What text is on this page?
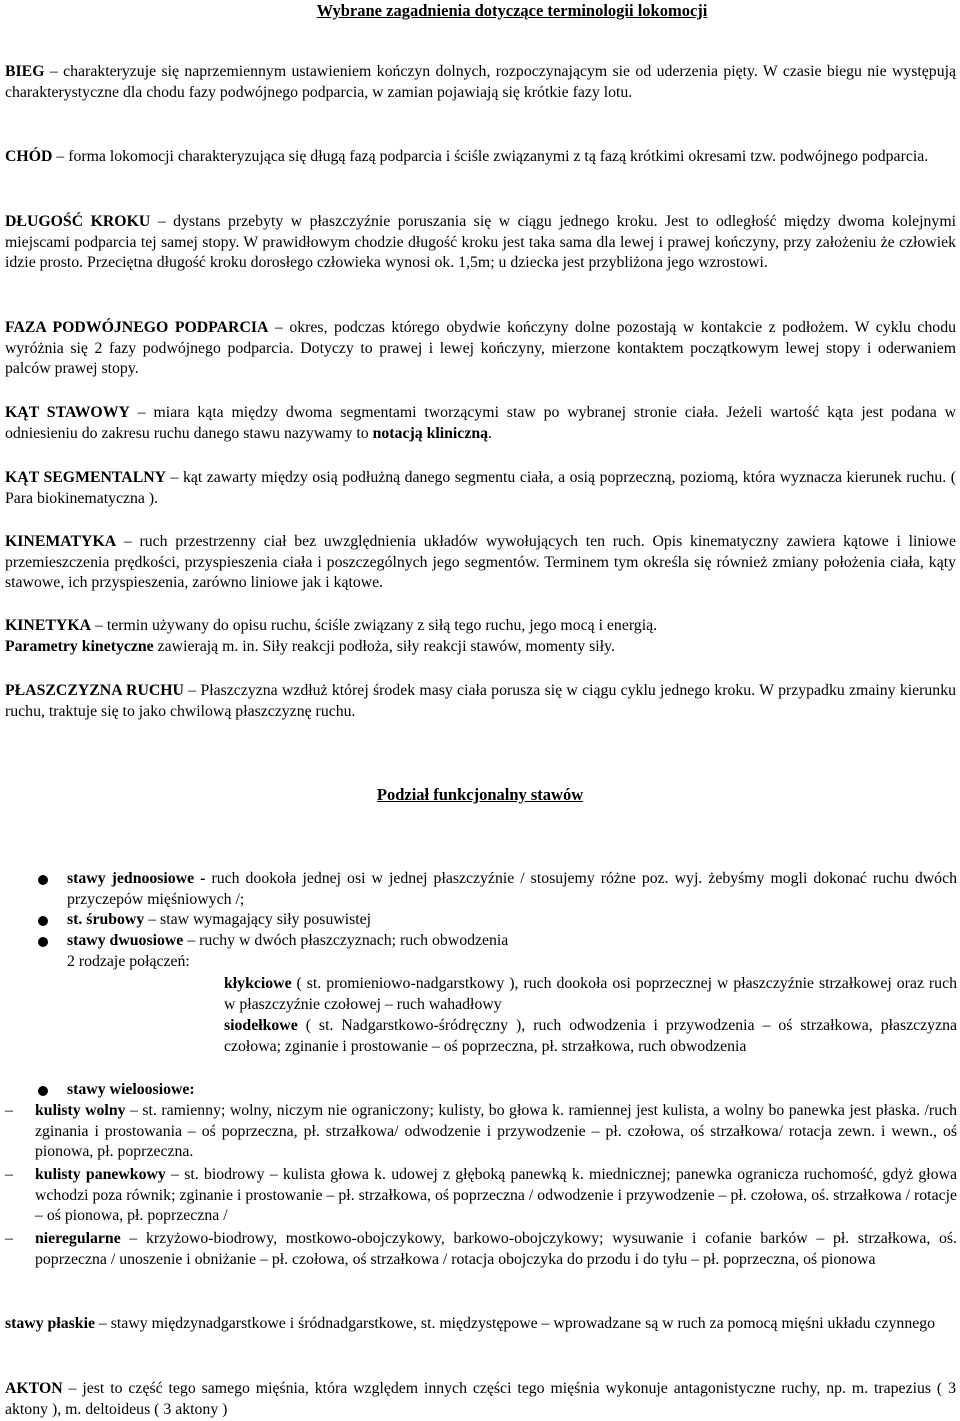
Wybrane zagadnienia dotyczące terminologii lokomocji

BIEG – charakteryzuje się naprzemiennym ustawieniem kończyn dolnych, rozpoczynającym sie od uderzenia pięty. W czasie biegu nie występują charakterystyczne dla chodu fazy podwójnego podparcia, w zamian pojawiają się krótkie fazy lotu.

CHÓD – forma lokomocji charakteryzująca się długą fazą podparcia i ściśle związanymi z tą fazą krótkimi okresami tzw. podwójnego podparcia.

DŁUGOŚĆ KROKU – dystans przebyty w płaszczyźnie poruszania się w ciągu jednego kroku. Jest to odległość między dwoma kolejnymi miejscami podparcia tej samej stopy. W prawidłowym chodzie długość kroku jest taka sama dla lewej i prawej kończyny, przy założeniu że człowiek idzie prosto. Przeciętna długość kroku dorosłego człowieka wynosi ok. 1,5m; u dziecka jest przybliżona jego wzrostowi.

FAZA PODWÓJNEGO PODPARCIA – okres, podczas którego obydwie kończyny dolne pozostają w kontakcie z podłożem. W cyklu chodu wyróżnia się 2 fazy podwójnego podparcia. Dotyczy to prawej i lewej kończyny, mierzone kontaktem początkowym lewej stopy i oderwaniem palców prawej stopy.

KĄT STAWOWY – miara kąta między dwoma segmentami tworzącymi staw po wybranej stronie ciała. Jeżeli wartość kąta jest podana w odniesieniu do zakresu ruchu danego stawu nazywamy to notacją kliniczną.

KĄT SEGMENTALNY – kąt zawarty między osią podłużną danego segmentu ciała, a osią poprzeczną, poziomą, która wyznacza kierunek ruchu. ( Para biokinematyczna ).

KINEMATYKA – ruch przestrzenny ciał bez uwzględnienia układów wywołujących ten ruch. Opis kinematyczny zawiera kątowe i liniowe przemieszczenia prędkości, przyspieszenia ciała i poszczególnych jego segmentów. Terminem tym określa się również zmiany położenia ciała, kąty stawowe, ich przyspieszenia, zarówno liniowe jak i kątowe.

KINETYKA – termin używany do opisu ruchu, ściśle związany z siłą tego ruchu, jego mocą i energią.
Parametry kinetyczne zawierają m. in. Siły reakcji podłoża, siły reakcji stawów, momenty siły.

PŁASZCZYZNA RUCHU – Płaszczyzna wzdłuż której środek masy ciała porusza się w ciągu cyklu jednego kroku. W przypadku zmainy kierunku ruchu, traktuje się to jako chwilową płaszczyznę ruchu.

Podział funkcjonalny stawów

stawy jednoosiowe - ruch dookoła jednej osi w jednej płaszczyźnie / stosujemy różne poz. wyj. żebyśmy mogli dokonać ruchu dwóch przyczepów mięśniowych /;

st. śrubowy – staw wymagający siły posuwistej

stawy dwuosiowe – ruchy w dwóch płaszczyznach; ruch obwodzenia

2 rodzaje połączeń:

kłykciowe ( st. promieniowo-nadgarstkowy ), ruch dookoła osi poprzecznej w płaszczyźnie strzałkowej oraz ruch w płaszczyźnie czołowej – ruch wahadłowy

siodełkowe ( st. Nadgarstkowo-śródręczny ), ruch odwodzenia i przywodzenia – oś strzałkowa, płaszczyzna czołowa; zginanie i prostowanie – oś poprzeczna, pł. strzałkowa, ruch obwodzenia

stawy wieloosiowe:

–	kulisty wolny – st. ramienny; wolny, niczym nie ograniczony; kulisty, bo głowa k. ramiennej jest kulista, a wolny bo panewka jest płaska. /ruch zginania i prostowania – oś poprzeczna, pł. strzałkowa/ odwodzenie i przywodzenie – pł. czołowa, oś strzałkowa/ rotacja zewn. i wewn., oś pionowa, pł. poprzeczna.

–	kulisty panewkowy – st. biodrowy – kulista głowa k. udowej z głęboką panewką k. miednicznej; panewka ogranicza ruchomość, gdyż głowa wchodzi poza równik; zginanie i prostowanie – pł. strzałkowa, oś poprzeczna / odwodzenie i przywodzenie – pł. czołowa, oś. strzałkowa / rotacje – oś pionowa, pł. poprzeczna /

–	nieregularne – krzyżowo-biodrowy, mostkowo-obojczykowy, barkowo-obojczykowy; wysuwanie i cofanie barków – pł. strzałkowa, oś. poprzeczna / unoszenie i obniżanie – pł. czołowa, oś strzałkowa / rotacja obojczyka do przodu i do tyłu – pł. poprzeczna, oś pionowa

stawy płaskie – stawy międzynadgarstkowe i śródnadgarstkowe, st. międzystępowe – wprowadzane są w ruch za pomocą mięśni układu czynnego

AKTON – jest to część tego samego mięśnia, która względem innych części tego mięśnia wykonuje antagonistyczne ruchy, np. m. trapezius ( 3 aktony ), m. deltoideus ( 3 aktony )
